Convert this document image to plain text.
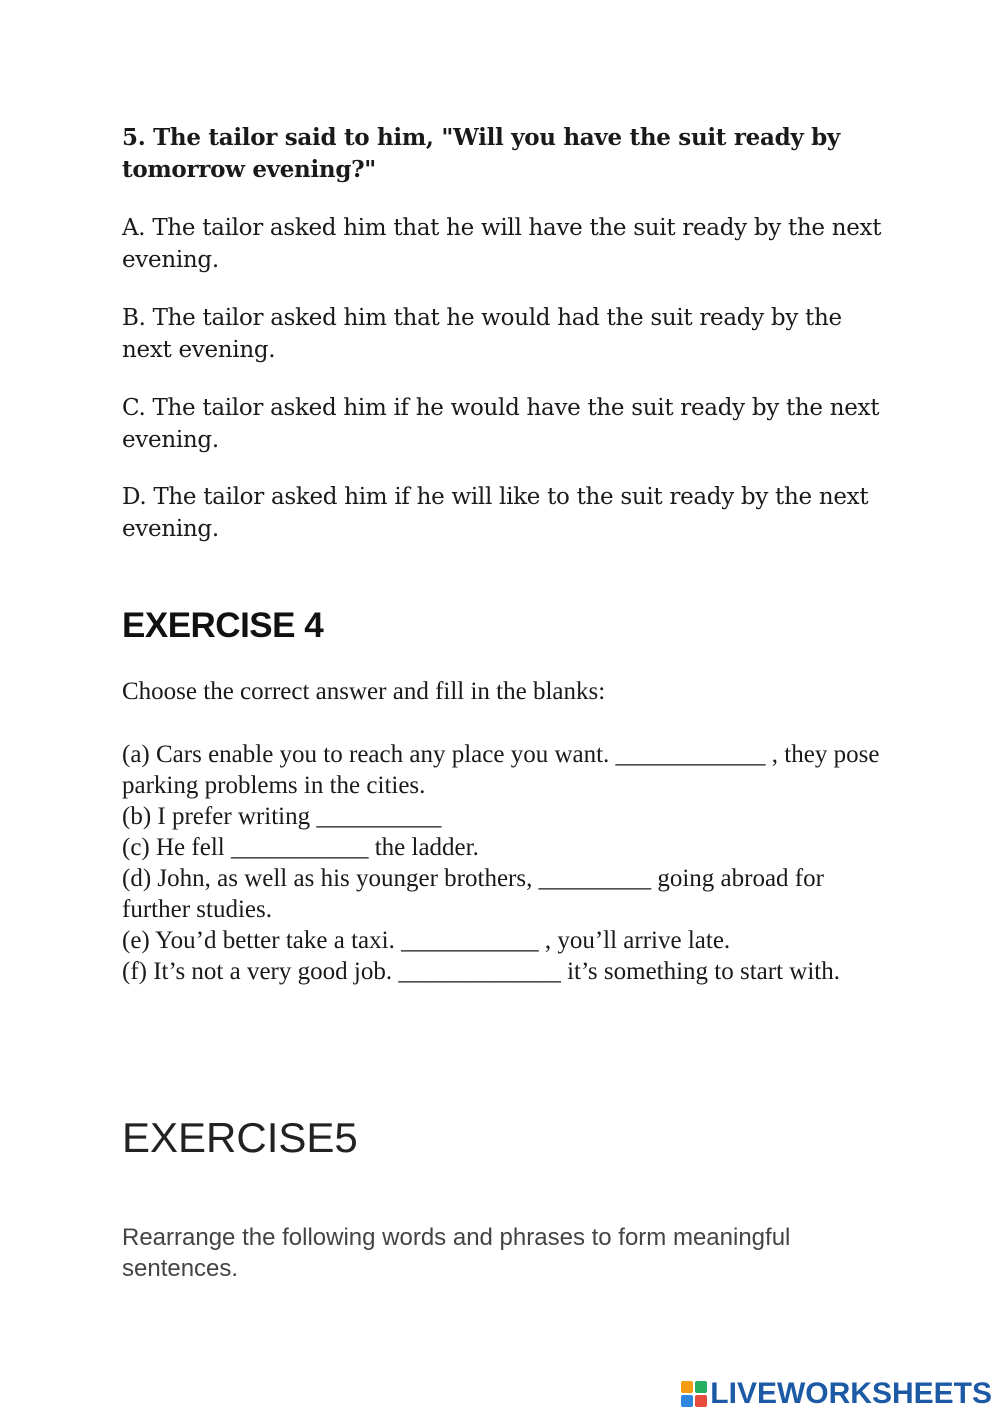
5. The tailor said to him, "Will you have the suit ready by tomorrow evening?"
A. The tailor asked him that he will have the suit ready by the next evening.
B. The tailor asked him that he would had the suit ready by the next evening.
C. The tailor asked him if he would have the suit ready by the next evening.
D. The tailor asked him if he will like to the suit ready by the next evening.
EXERCISE 4
Choose the correct answer and fill in the blanks:
(a) Cars enable you to reach any place you want. ____________ , they pose parking problems in the cities.
(b) I prefer writing __________
(c) He fell ___________ the ladder.
(d) John, as well as his younger brothers, _________ going abroad for further studies.
(e) You’d better take a taxi. ___________ , you’ll arrive late.
(f) It’s not a very good job. _____________ it’s something to start with.
EXERCISE5
Rearrange the following words and phrases to form meaningful sentences.
LIVEWORKSHEETS
